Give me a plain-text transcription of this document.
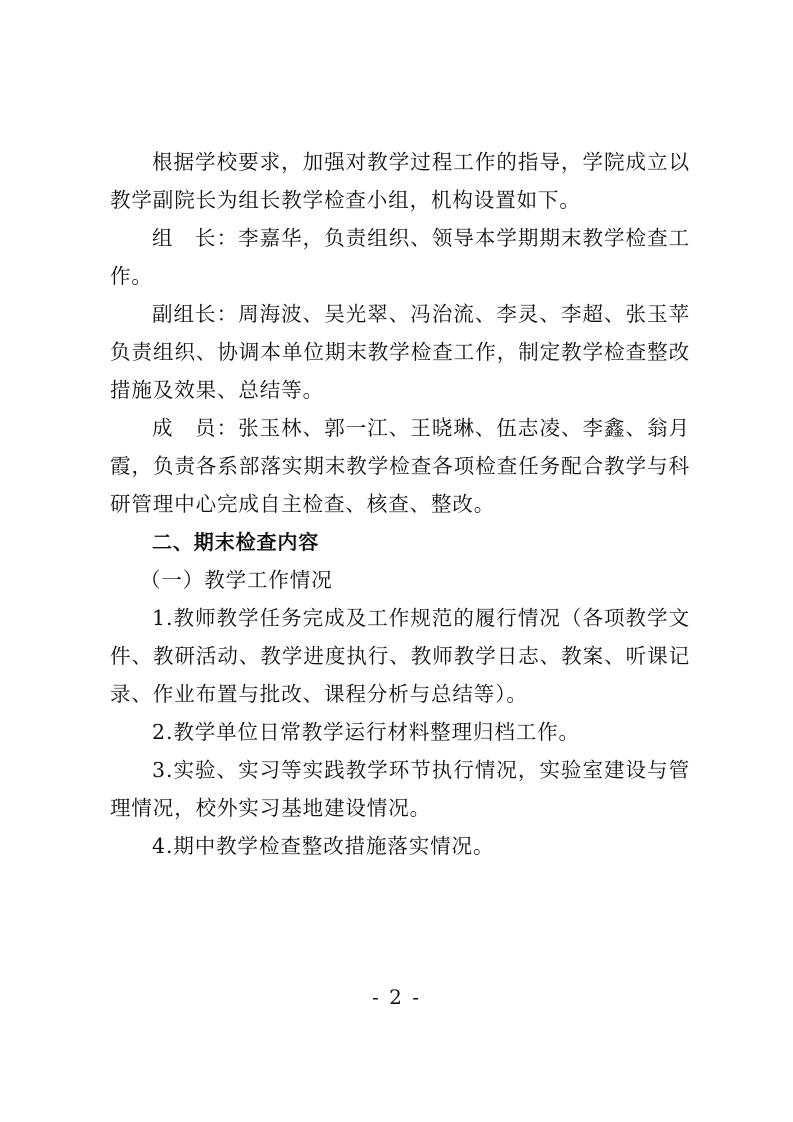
根据学校要求，加强对教学过程工作的指导，学院成立以教学副院长为组长教学检查小组，机构设置如下。

组　长：李嘉华，负责组织、领导本学期期末教学检查工作。

副组长：周海波、吴光翠、冯治流、李灵、李超、张玉苹负责组织、协调本单位期末教学检查工作，制定教学检查整改措施及效果、总结等。

成　员：张玉林、郭一江、王晓琳、伍志凌、李鑫、翁月霞，负责各系部落实期末教学检查各项检查任务配合教学与科研管理中心完成自主检查、核查、整改。

二、期末检查内容

（一）教学工作情况

1.教师教学任务完成及工作规范的履行情况（各项教学文件、教研活动、教学进度执行、教师教学日志、教案、听课记录、作业布置与批改、课程分析与总结等）。

2.教学单位日常教学运行材料整理归档工作。

3.实验、实习等实践教学环节执行情况，实验室建设与管理情况，校外实习基地建设情况。

4.期中教学检查整改措施落实情况。

- 2 -
